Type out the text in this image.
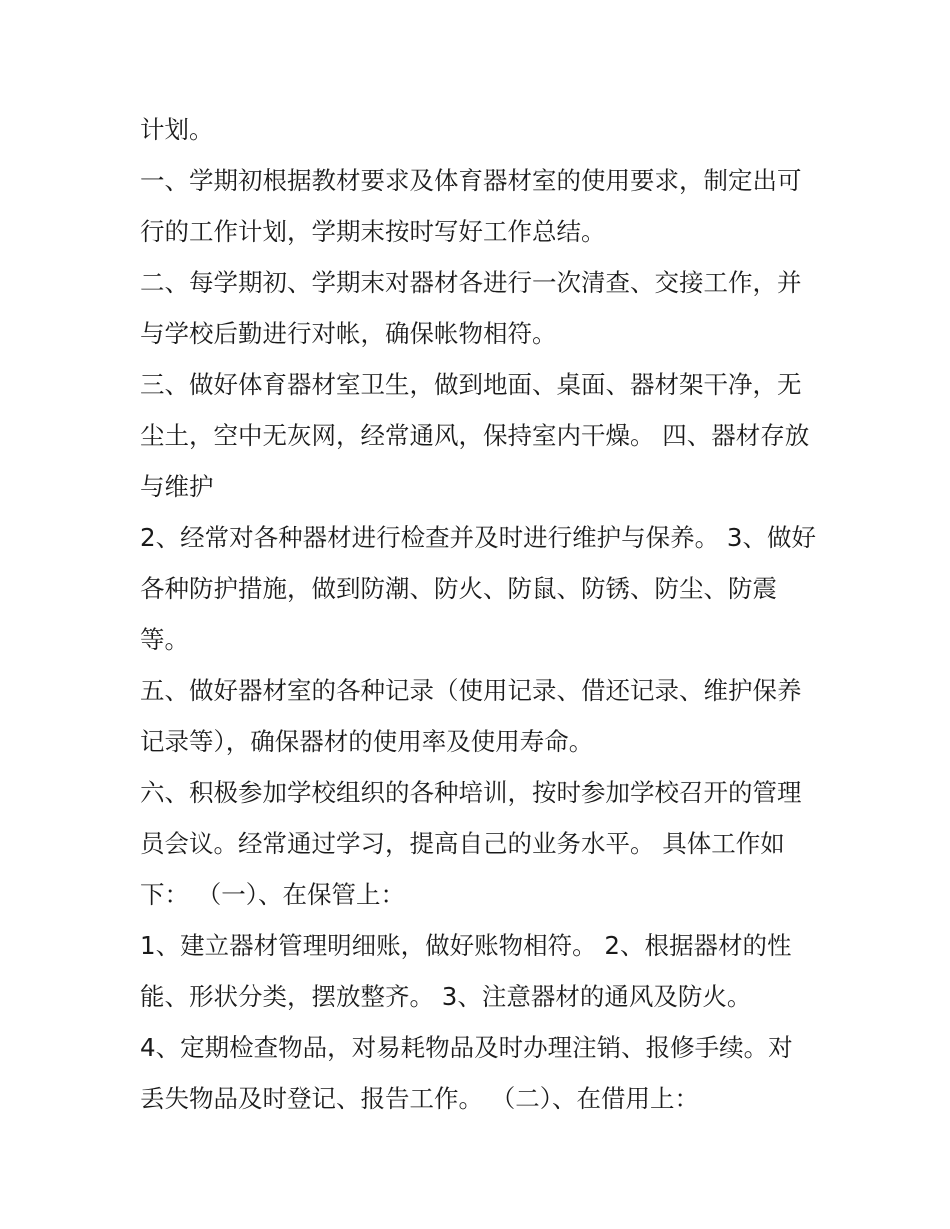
计划。

一、学期初根据教材要求及体育器材室的使用要求，制定出可行的工作计划，学期末按时写好工作总结。

二、每学期初、学期末对器材各进行一次清查、交接工作，并与学校后勤进行对帐，确保帐物相符。

三、做好体育器材室卫生，做到地面、桌面、器材架干净，无尘土，空中无灰网，经常通风，保持室内干燥。 四、器材存放与维护

2、经常对各种器材进行检查并及时进行维护与保养。 3、做好各种防护措施，做到防潮、防火、防鼠、防锈、防尘、防震等。

五、做好器材室的各种记录（使用记录、借还记录、维护保养记录等），确保器材的使用率及使用寿命。

六、积极参加学校组织的各种培训，按时参加学校召开的管理员会议。经常通过学习，提高自己的业务水平。 具体工作如下： （一）、在保管上：

1、建立器材管理明细账，做好账物相符。 2、根据器材的性能、形状分类，摆放整齐。 3、注意器材的通风及防火。

4、定期检查物品，对易耗物品及时办理注销、报修手续。对丢失物品及时登记、报告工作。 （二）、在借用上：
